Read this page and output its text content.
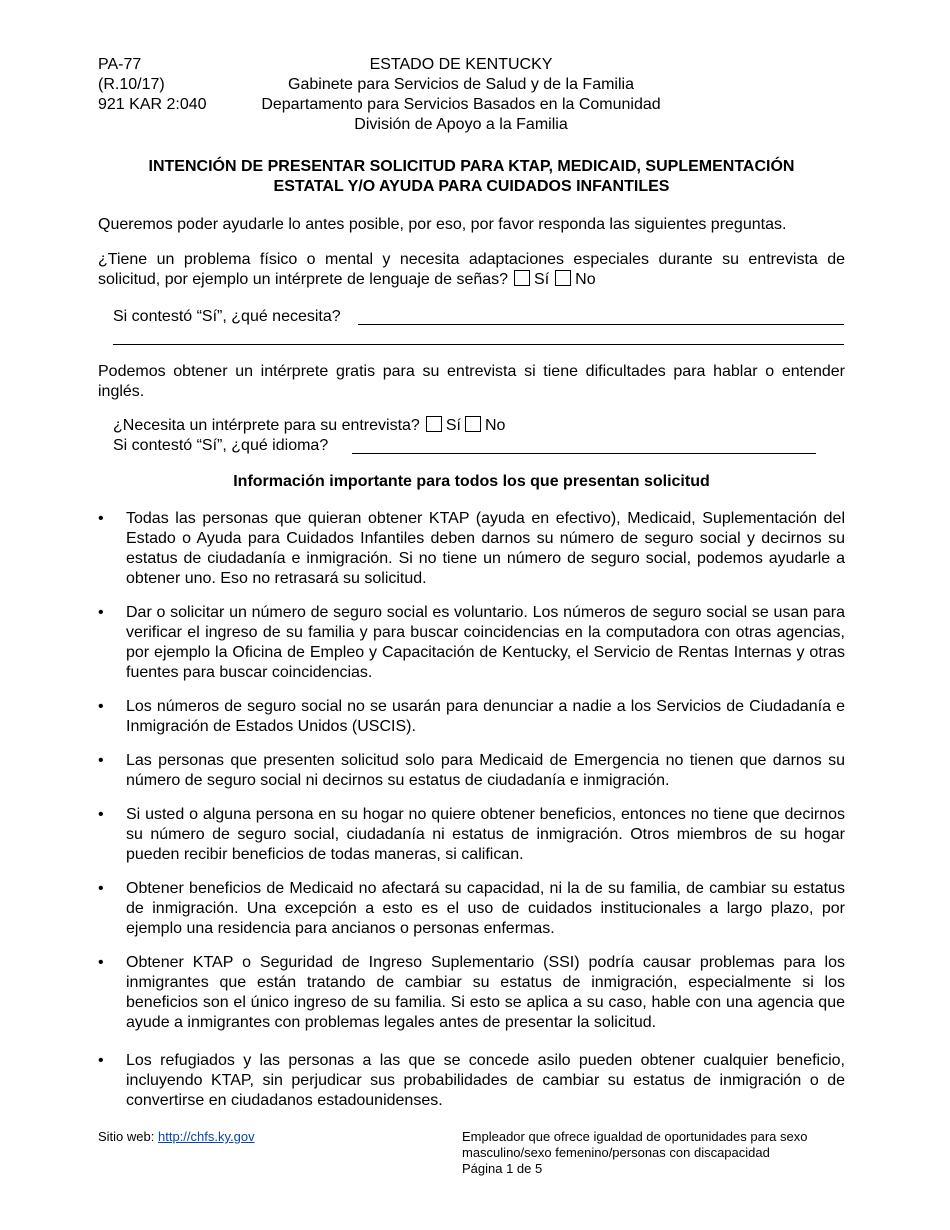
PA-77
(R.10/17)
921 KAR 2:040
ESTADO DE KENTUCKY
Gabinete para Servicios de Salud y de la Familia
Departamento para Servicios Basados en la Comunidad
División de Apoyo a la Familia
INTENCIÓN DE PRESENTAR SOLICITUD PARA KTAP, MEDICAID, SUPLEMENTACIÓN
ESTATAL Y/O AYUDA PARA CUIDADOS INFANTILES
Queremos poder ayudarle lo antes posible, por eso, por favor responda las siguientes preguntas.
¿Tiene un problema físico o mental y necesita adaptaciones especiales durante su entrevista de solicitud, por ejemplo un intérprete de lenguaje de señas? Sí No
Si contestó “Sí”, ¿qué necesita?
Podemos obtener un intérprete gratis para su entrevista si tiene dificultades para hablar o entender inglés.
¿Necesita un intérprete para su entrevista? Sí No
Si contestó “Sí”, ¿qué idioma?
Información importante para todos los que presentan solicitud
• Todas las personas que quieran obtener KTAP (ayuda en efectivo), Medicaid, Suplementación del Estado o Ayuda para Cuidados Infantiles deben darnos su número de seguro social y decirnos su estatus de ciudadanía e inmigración. Si no tiene un número de seguro social, podemos ayudarle a obtener uno. Eso no retrasará su solicitud.
• Dar o solicitar un número de seguro social es voluntario. Los números de seguro social se usan para verificar el ingreso de su familia y para buscar coincidencias en la computadora con otras agencias, por ejemplo la Oficina de Empleo y Capacitación de Kentucky, el Servicio de Rentas Internas y otras fuentes para buscar coincidencias.
• Los números de seguro social no se usarán para denunciar a nadie a los Servicios de Ciudadanía e Inmigración de Estados Unidos (USCIS).
• Las personas que presenten solicitud solo para Medicaid de Emergencia no tienen que darnos su número de seguro social ni decirnos su estatus de ciudadanía e inmigración.
• Si usted o alguna persona en su hogar no quiere obtener beneficios, entonces no tiene que decirnos su número de seguro social, ciudadanía ni estatus de inmigración. Otros miembros de su hogar pueden recibir beneficios de todas maneras, si califican.
• Obtener beneficios de Medicaid no afectará su capacidad, ni la de su familia, de cambiar su estatus de inmigración. Una excepción a esto es el uso de cuidados institucionales a largo plazo, por ejemplo una residencia para ancianos o personas enfermas.
• Obtener KTAP o Seguridad de Ingreso Suplementario (SSI) podría causar problemas para los inmigrantes que están tratando de cambiar su estatus de inmigración, especialmente si los beneficios son el único ingreso de su familia. Si esto se aplica a su caso, hable con una agencia que ayude a inmigrantes con problemas legales antes de presentar la solicitud.
• Los refugiados y las personas a las que se concede asilo pueden obtener cualquier beneficio, incluyendo KTAP, sin perjudicar sus probabilidades de cambiar su estatus de inmigración o de convertirse en ciudadanos estadounidenses.
Sitio web: http://chfs.ky.gov	Empleador que ofrece igualdad de oportunidades para sexo
masculino/sexo femenino/personas con discapacidad
Página 1 de 5
